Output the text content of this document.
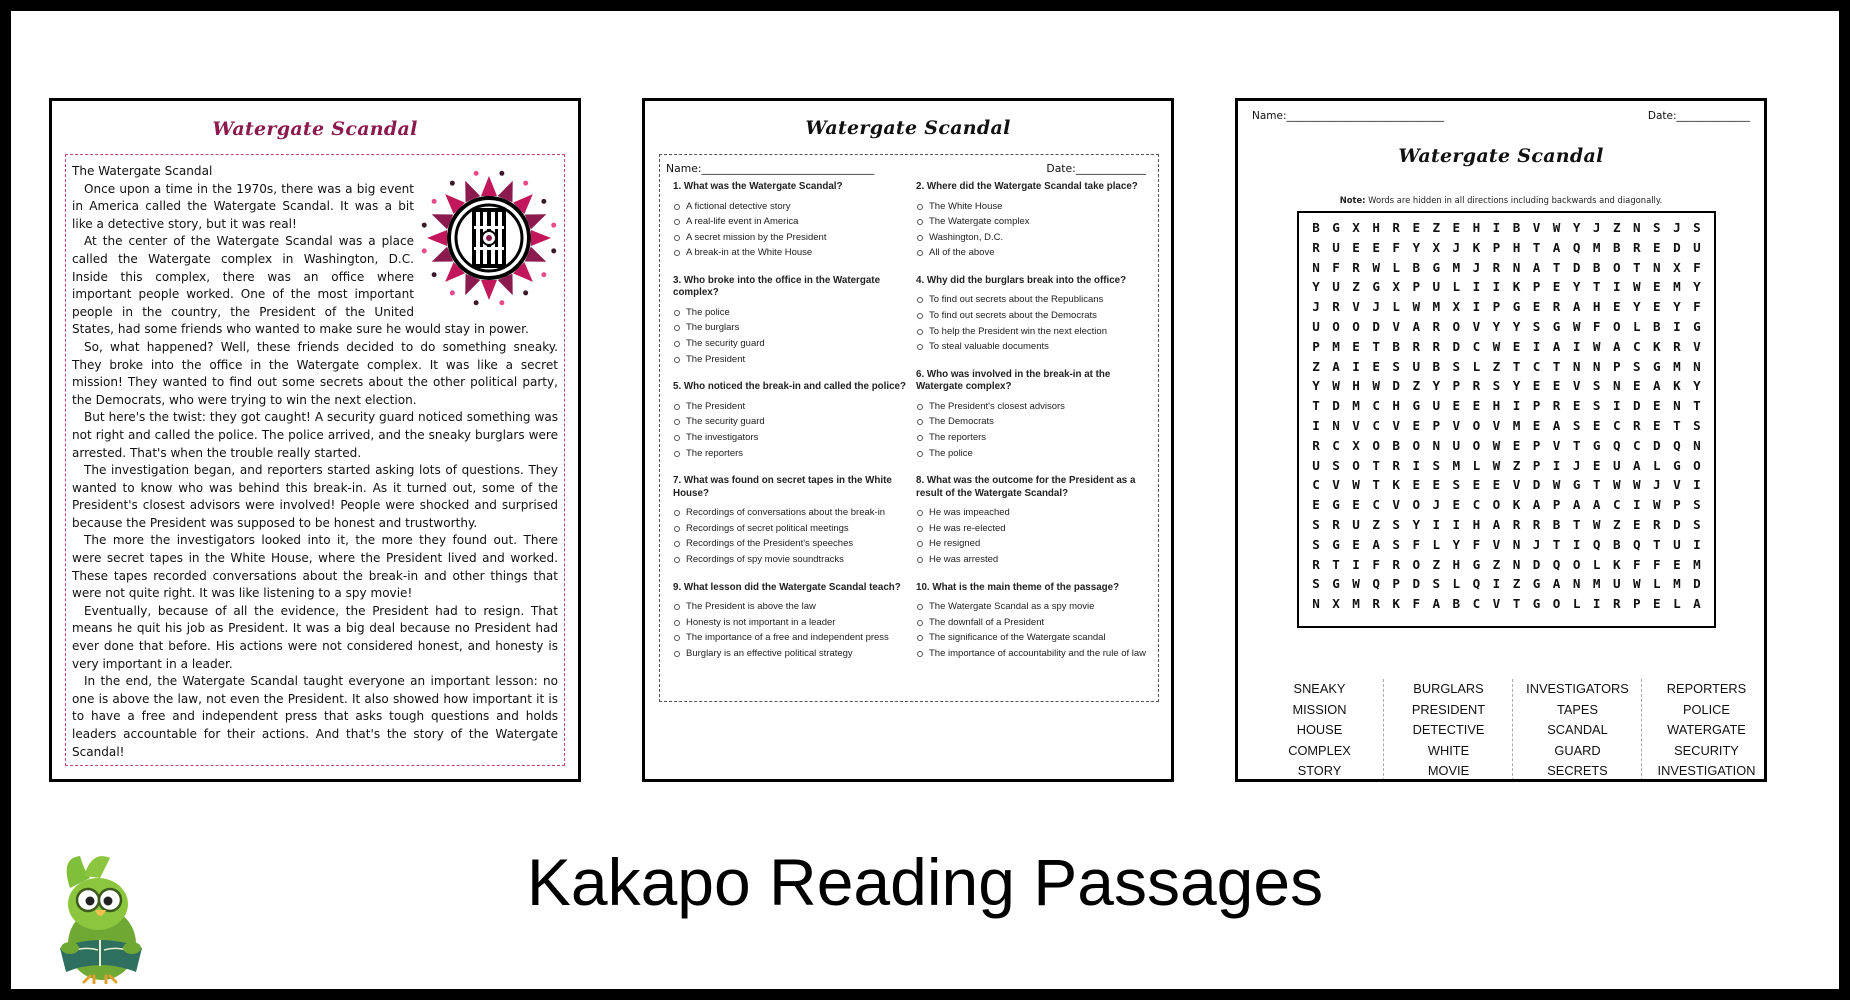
Watergate Scandal

The Watergate Scandal

Once upon a time in the 1970s, there was a big event in America called the Watergate Scandal. It was a bit like a detective story, but it was real!

At the center of the Watergate Scandal was a place called the Watergate complex in Washington, D.C. Inside this complex, there was an office where important people worked. One of the most important people in the country, the President of the United States, had some friends who wanted to make sure he would stay in power.

So, what happened? Well, these friends decided to do something sneaky. They broke into the office in the Watergate complex. It was like a secret mission! They wanted to find out some secrets about the other political party, the Democrats, who were trying to win the next election.

But here's the twist: they got caught! A security guard noticed something was not right and called the police. The police arrived, and the sneaky burglars were arrested. That's when the trouble really started.

The investigation began, and reporters started asking lots of questions. They wanted to know who was behind this break-in. As it turned out, some of the President's closest advisors were involved! People were shocked and surprised because the President was supposed to be honest and trustworthy.

The more the investigators looked into it, the more they found out. There were secret tapes in the White House, where the President lived and worked. These tapes recorded conversations about the break-in and other things that were not quite right. It was like listening to a spy movie!

Eventually, because of all the evidence, the President had to resign. That means he quit his job as President. It was a big deal because no President had ever done that before. His actions were not considered honest, and honesty is very important in a leader.

In the end, the Watergate Scandal taught everyone an important lesson: no one is above the law, not even the President. It also showed how important it is to have a free and independent press that asks tough questions and holds leaders accountable for their actions. And that's the story of the Watergate Scandal!

Watergate Scandal
Name:________________________________	Date:_____________
1. What was the Watergate Scandal?
A fictional detective story
A real-life event in America
A secret mission by the President
A break-in at the White House
3. Who broke into the office in the Watergate complex?
The police
The burglars
The security guard
The President
5. Who noticed the break-in and called the police?
The President
The security guard
The investigators
The reporters
7. What was found on secret tapes in the White House?
Recordings of conversations about the break-in
Recordings of secret political meetings
Recordings of the President's speeches
Recordings of spy movie soundtracks
9. What lesson did the Watergate Scandal teach?
The President is above the law
Honesty is not important in a leader
The importance of a free and independent press
Burglary is an effective political strategy
2. Where did the Watergate Scandal take place?
The White House
The Watergate complex
Washington, D.C.
All of the above
4. Why did the burglars break into the office?
To find out secrets about the Republicans
To find out secrets about the Democrats
To help the President win the next election
To steal valuable documents
6. Who was involved in the break-in at the Watergate complex?
The President's closest advisors
The Democrats
The reporters
The police
8. What was the outcome for the President as a result of the Watergate Scandal?
He was impeached
He was re-elected
He resigned
He was arrested
10. What is the main theme of the passage?
The Watergate Scandal as a spy movie
The downfall of a President
The significance of the Watergate scandal
The importance of accountability and the rule of law
Name:______________________________	Date:______________
Watergate Scandal
Note: Words are hidden in all directions including backwards and diagonally.
B G X H R E Z E H I B V W Y J Z N S J S
R U E E F Y X J K P H T A Q M B R E D U
N F R W L B G M J R N A T D B O T N X F
Y U Z G X P U L I I K P E Y T I W E M Y
J R V J L W M X I P G E R A H E Y E Y F
U O O D V A R O V Y Y S G W F O L B I G
P M E T B R R D C W E I A I W A C K R V
Z A I E S U B S L Z T C T N N P S G M N
Y W H W D Z Y P R S Y E E V S N E A K Y
T D M C H G U E E H I P R E S I D E N T
I N V C V E P V O V M E A S E C R E T S
R C X O B O N U O W E P V T G Q C D Q N
U S O T R I S M L W Z P I J E U A L G O
C V W T K E E S E E V D W G T W W J V I
E G E C V O J E C O K A P A A C I W P S
S R U Z S Y I I H A R R B T W Z E R D S
S G E A S F L Y F V N J T I Q B Q T U I
R T I F R O Z H G Z N D Q O L K F F E M
S G W Q P D S L Q I Z G A N M U W L M D
N X M R K F A B C V T G O L I R P E L A
SNEAKY
MISSION
HOUSE
COMPLEX
STORY
BURGLARS
PRESIDENT
DETECTIVE
WHITE
MOVIE
INVESTIGATORS
TAPES
SCANDAL
GUARD
SECRETS
REPORTERS
POLICE
WATERGATE
SECURITY
INVESTIGATION
Kakapo Reading Passages
